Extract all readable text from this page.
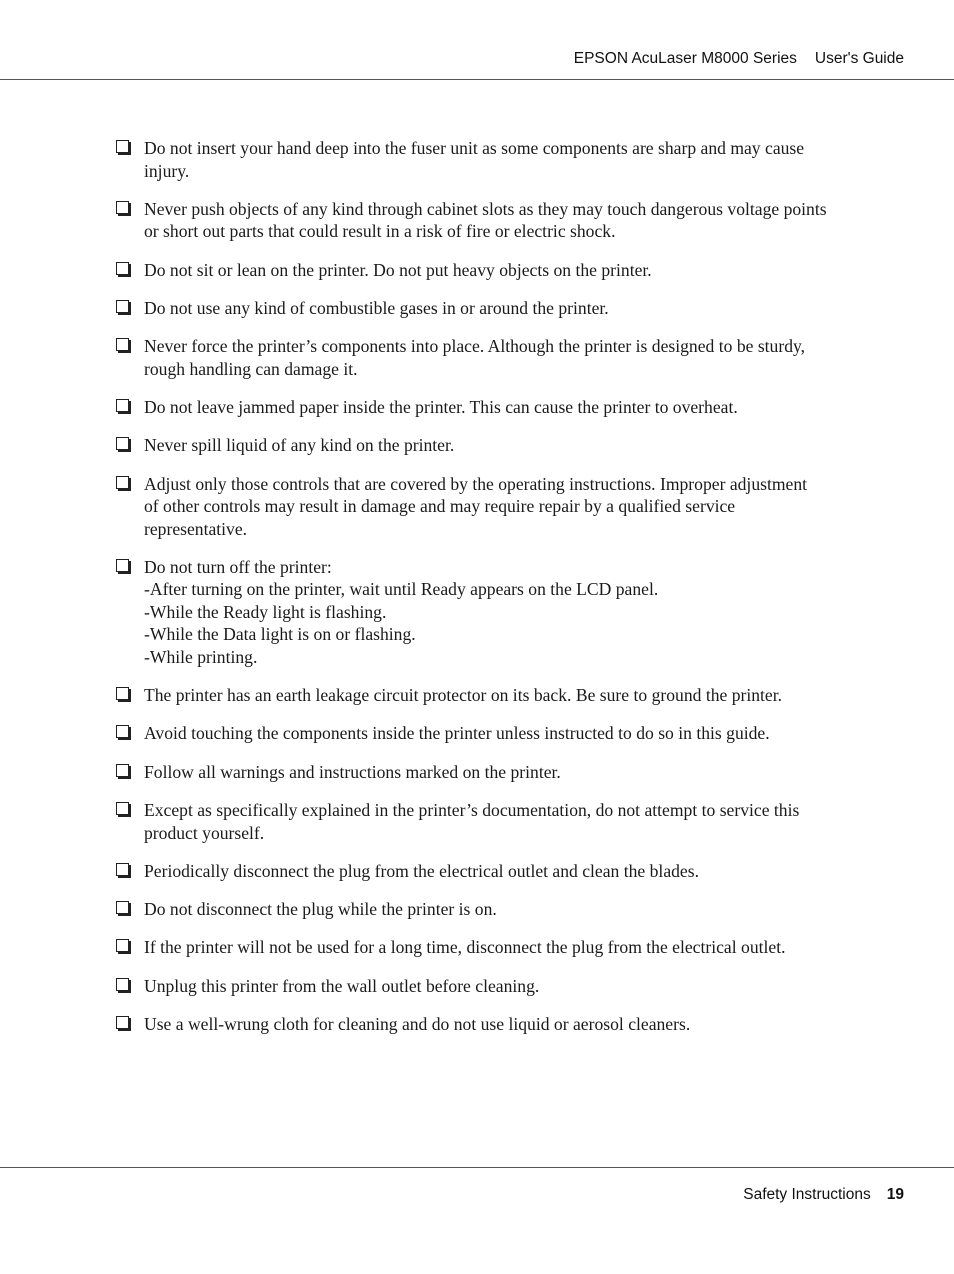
EPSON AcuLaser M8000 Series User's Guide
Do not insert your hand deep into the fuser unit as some components are sharp and may cause
injury.
Never push objects of any kind through cabinet slots as they may touch dangerous voltage points
or short out parts that could result in a risk of fire or electric shock.
Do not sit or lean on the printer. Do not put heavy objects on the printer.
Do not use any kind of combustible gases in or around the printer.
Never force the printer’s components into place. Although the printer is designed to be sturdy,
rough handling can damage it.
Do not leave jammed paper inside the printer. This can cause the printer to overheat.
Never spill liquid of any kind on the printer.
Adjust only those controls that are covered by the operating instructions. Improper adjustment
of other controls may result in damage and may require repair by a qualified service
representative.
Do not turn off the printer:
-After turning on the printer, wait until Ready appears on the LCD panel.
-While the Ready light is flashing.
-While the Data light is on or flashing.
-While printing.
The printer has an earth leakage circuit protector on its back. Be sure to ground the printer.
Avoid touching the components inside the printer unless instructed to do so in this guide.
Follow all warnings and instructions marked on the printer.
Except as specifically explained in the printer’s documentation, do not attempt to service this
product yourself.
Periodically disconnect the plug from the electrical outlet and clean the blades.
Do not disconnect the plug while the printer is on.
If the printer will not be used for a long time, disconnect the plug from the electrical outlet.
Unplug this printer from the wall outlet before cleaning.
Use a well-wrung cloth for cleaning and do not use liquid or aerosol cleaners.
Safety Instructions 19
